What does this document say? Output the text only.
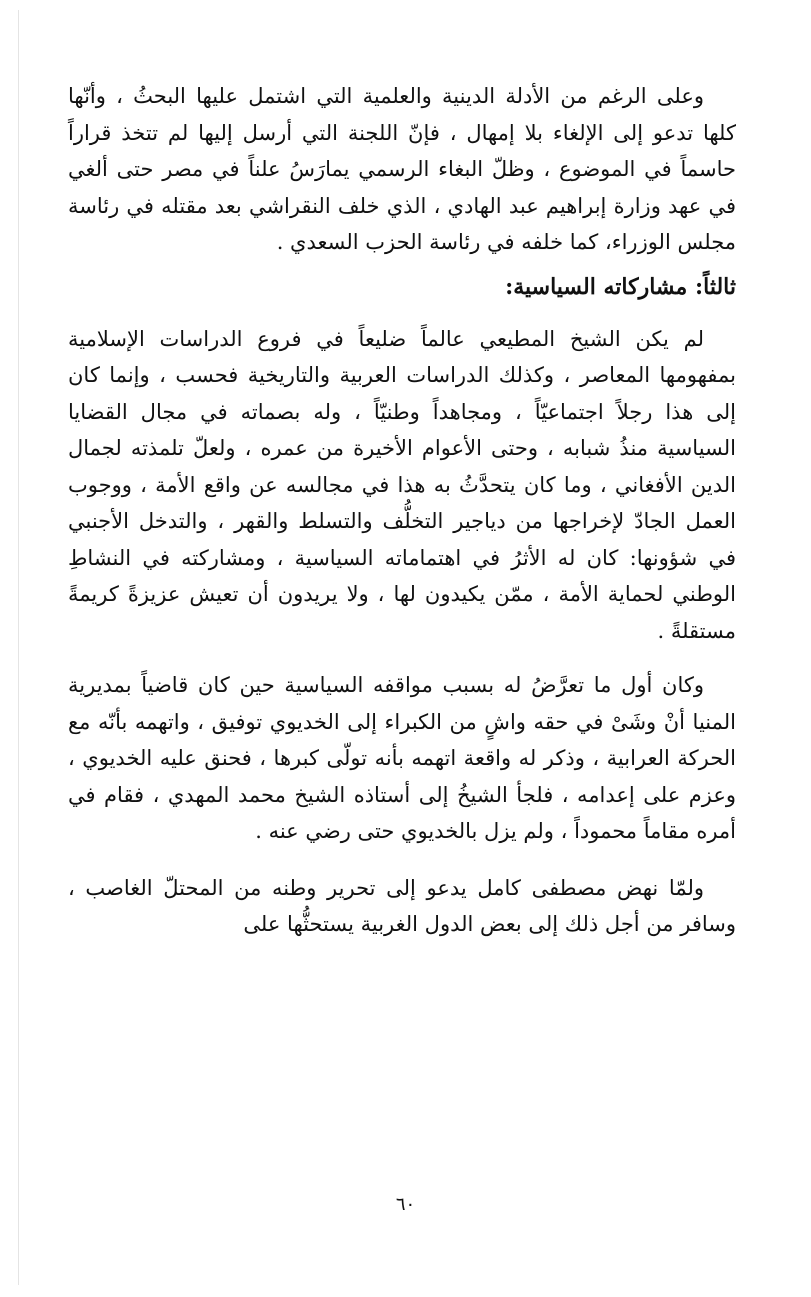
وعلى الرغم من الأدلة الدينية والعلمية التي اشتمل عليها البحثُ ، وأنّها كلها تدعو إلى الإلغاء بلا إمهال ، فإنّ اللجنة التي أرسل إليها لم تتخذ قراراً حاسماً في الموضوع ، وظلّ البغاء الرسمي يمارَسُ علناً في مصر حتى ألغي في عهد وزارة إبراهيم عبد الهادي ، الذي خلف النقراشي بعد مقتله في رئاسة مجلس الوزراء، كما خلفه في رئاسة الحزب السعدي .

ثالثاً: مشاركاته السياسية:

لم يكن الشيخ المطيعي عالماً ضليعاً في فروع الدراسات الإسلامية بمفهومها المعاصر ، وكذلك الدراسات العربية والتاريخية فحسب ، وإنما كان إلى هذا رجلاً اجتماعيّاً ، ومجاهداً وطنيّاً ، وله بصماته في مجال القضايا السياسية منذُ شبابه ، وحتى الأعوام الأخيرة من عمره ، ولعلّ تلمذته لجمال الدين الأفغاني ، وما كان يتحدَّثُ به هذا في مجالسه عن واقع الأمة ، ووجوب العمل الجادّ لإخراجها من دياجير التخلُّف والتسلط والقهر ، والتدخل الأجنبي في شؤونها: كان له الأثرُ في اهتماماته السياسية ، ومشاركته في النشاطِ الوطني لحماية الأمة ، ممّن يكيدون لها ، ولا يريدون أن تعيش عزيزةً كريمةً مستقلةً .

وكان أول ما تعرَّضُ له بسبب مواقفه السياسية حين كان قاضياً بمديرية المنيا أنْ وشَىْ في حقه واشٍ من الكبراء إلى الخديوي توفيق ، واتهمه بأنّه مع الحركة العرابية ، وذكر له واقعة اتهمه بأنه تولّى كبرها ، فحنق عليه الخديوي ، وعزم على إعدامه ، فلجأ الشيخُ إلى أستاذه الشيخ محمد المهدي ، فقام في أمره مقاماً محموداً ، ولم يزل بالخديوي حتى رضي عنه .

ولمّا نهض مصطفى كامل يدعو إلى تحرير وطنه من المحتلّ الغاصب ، وسافر من أجل ذلك إلى بعض الدول الغربية يستحثُّها على

٦٠
